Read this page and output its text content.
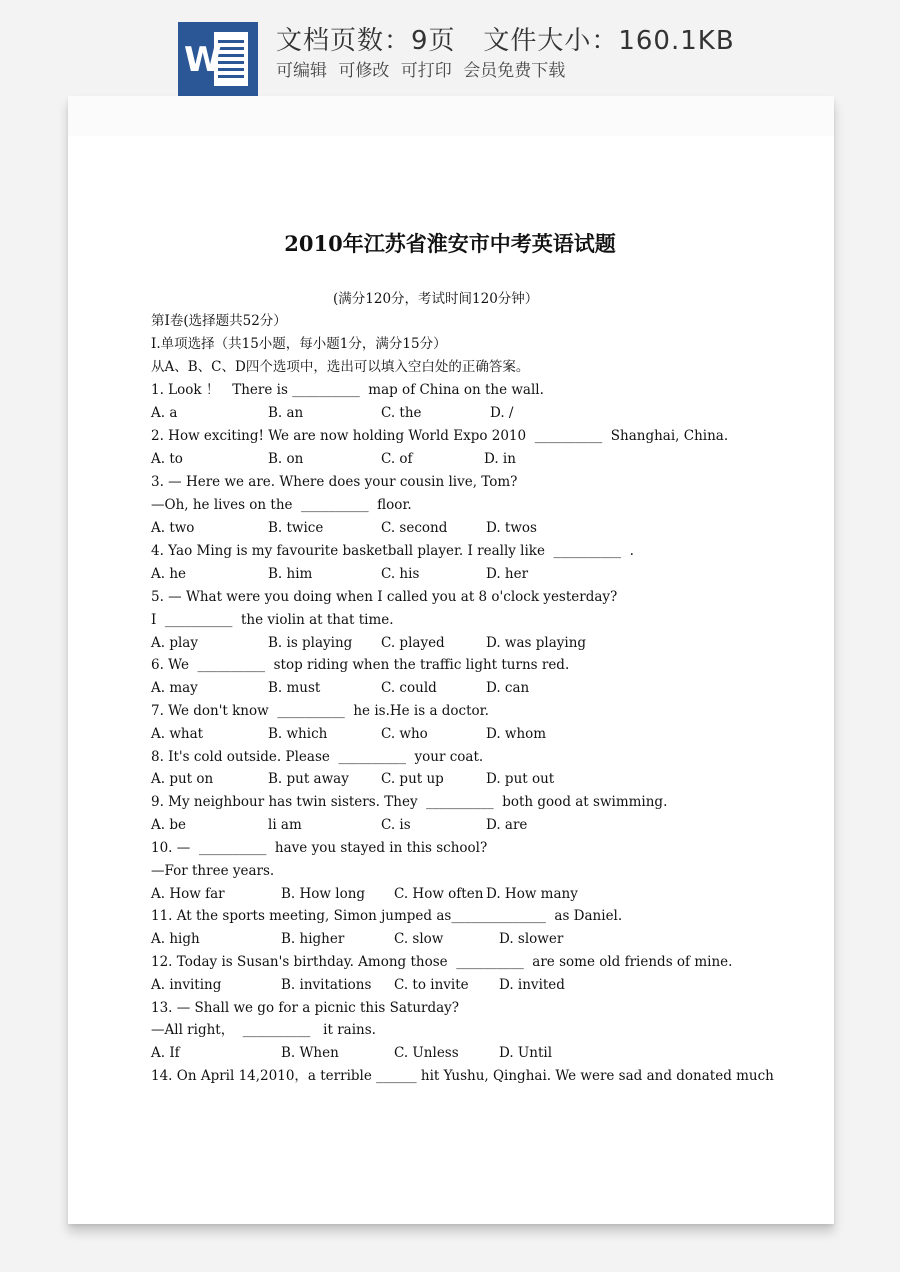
W 文档页数：9页   文件大小：160.1KB
可编辑 可修改 可打印 会员免费下载
2010年江苏省淮安市中考英语试题
(满分120分，考试时间120分钟）
第I卷(选择题共52分）
I.单项选择（共15小题，每小题1分，满分15分）
从A、B、C、D四个选项中，选出可以填入空白处的正确答案。
1. Look ！   There is __________  map of China on the wall.
A. a	B. an	C. the	D. /
2. How exciting! We are now holding World Expo 2010  __________  Shanghai, China.
A. to	B. on	C. of	D. in
3. — Here we are. Where does your cousin live, Tom?
—Oh, he lives on the  __________  floor.
A. two	B. twice	C. second	D. twos
4. Yao Ming is my favourite basketball player. I really like  __________  .
A. he	B. him	C. his	D. her
5. — What were you doing when I called you at 8 o'clock yesterday?
I  __________  the violin at that time.
A. play	B. is playing C. played	D. was playing
6. We  __________  stop riding when the traffic light turns red.
A. may	B. must	C. could	D. can
7. We don't know  __________  he is.He is a doctor.
A. what	B. which	C. who	D. whom
8. It's cold outside. Please  __________  your coat.
A. put on	B. put away C. put up	D. put out
9. My neighbour has twin sisters. They  __________  both good at swimming.
A. be	li am	C. is	D. are
10. —  __________  have you stayed in this school?
—For three years.
A. How far	B. How long C. How often D. How many
11. At the sports meeting, Simon jumped as______________  as Daniel.
A. high	B. higher	C. slow	D. slower
12. Today is Susan's birthday. Among those  __________  are some old friends of mine.
A. inviting	B. invitations C. to invite D. invited
13. — Shall we go for a picnic this Saturday?
—All right，  __________   it rains.
A. If	B. When	C. Unless	D. Until
14. On April 14,2010，a terrible ______ hit Yushu, Qinghai. We were sad and donated much
